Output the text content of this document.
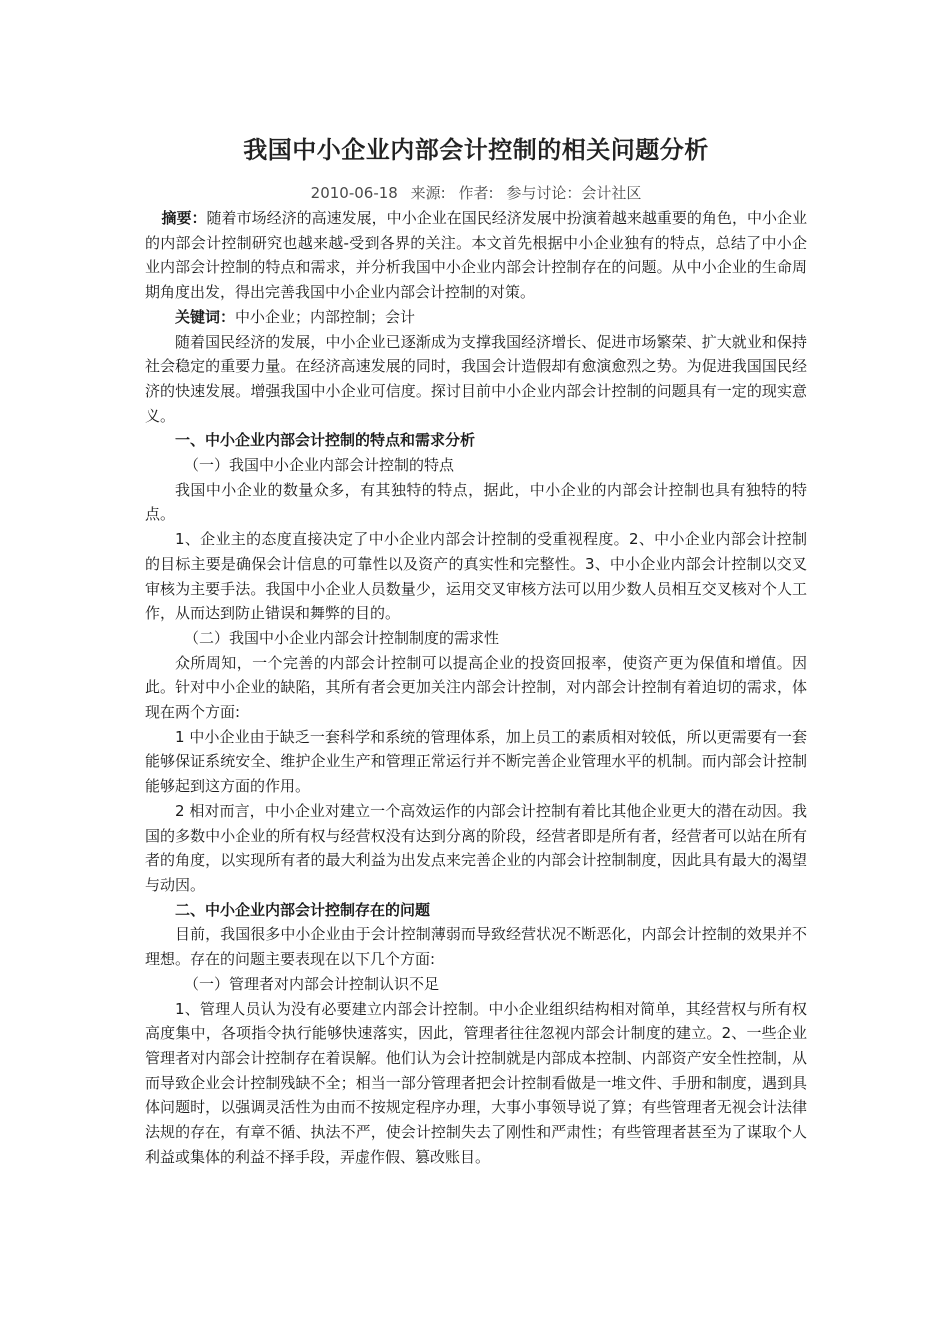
我国中小企业内部会计控制的相关问题分析
2010-06-18 来源: 作者: 参与讨论：会计社区

摘要：随着市场经济的高速发展，中小企业在国民经济发展中扮演着越来越重要的角色，中小企业的内部会计控制研究也越来越-受到各界的关注。本文首先根据中小企业独有的特点，总结了中小企业内部会计控制的特点和需求，并分析我国中小企业内部会计控制存在的问题。从中小企业的生命周期角度出发，得出完善我国中小企业内部会计控制的对策。

关键词：中小企业；内部控制；会计

随着国民经济的发展，中小企业已逐渐成为支撑我国经济增长、促进市场繁荣、扩大就业和保持社会稳定的重要力量。在经济高速发展的同时，我国会计造假却有愈演愈烈之势。为促进我国国民经济的快速发展。增强我国中小企业可信度。探讨目前中小企业内部会计控制的问题具有一定的现实意义。

一、中小企业内部会计控制的特点和需求分析

（一）我国中小企业内部会计控制的特点

我国中小企业的数量众多，有其独特的特点，据此，中小企业的内部会计控制也具有独特的特点。

1、企业主的态度直接决定了中小企业内部会计控制的受重视程度。2、中小企业内部会计控制的目标主要是确保会计信息的可靠性以及资产的真实性和完整性。3、中小企业内部会计控制以交叉审核为主要手法。我国中小企业人员数量少，运用交叉审核方法可以用少数人员相互交叉核对个人工作，从而达到防止错误和舞弊的目的。

（二）我国中小企业内部会计控制制度的需求性

众所周知，一个完善的内部会计控制可以提高企业的投资回报率，使资产更为保值和增值。因此。针对中小企业的缺陷，其所有者会更加关注内部会计控制，对内部会计控制有着迫切的需求，体现在两个方面:

1 中小企业由于缺乏一套科学和系统的管理体系，加上员工的素质相对较低，所以更需要有一套能够保证系统安全、维护企业生产和管理正常运行并不断完善企业管理水平的机制。而内部会计控制能够起到这方面的作用。

2 相对而言，中小企业对建立一个高效运作的内部会计控制有着比其他企业更大的潜在动因。我国的多数中小企业的所有权与经营权没有达到分离的阶段，经营者即是所有者，经营者可以站在所有者的角度，以实现所有者的最大利益为出发点来完善企业的内部会计控制制度，因此具有最大的渴望与动因。

二、中小企业内部会计控制存在的问题

目前，我国很多中小企业由于会计控制薄弱而导致经营状况不断恶化，内部会计控制的效果并不理想。存在的问题主要表现在以下几个方面:

（一）管理者对内部会计控制认识不足

1、管理人员认为没有必要建立内部会计控制。中小企业组织结构相对简单，其经营权与所有权高度集中，各项指令执行能够快速落实，因此，管理者往往忽视内部会计制度的建立。2、一些企业管理者对内部会计控制存在着误解。他们认为会计控制就是内部成本控制、内部资产安全性控制，从而导致企业会计控制残缺不全；相当一部分管理者把会计控制看做是一堆文件、手册和制度，遇到具体问题时，以强调灵活性为由而不按规定程序办理，大事小事领导说了算；有些管理者无视会计法律法规的存在，有章不循、执法不严，使会计控制失去了刚性和严肃性；有些管理者甚至为了谋取个人利益或集体的利益不择手段，弄虚作假、篡改账目。
